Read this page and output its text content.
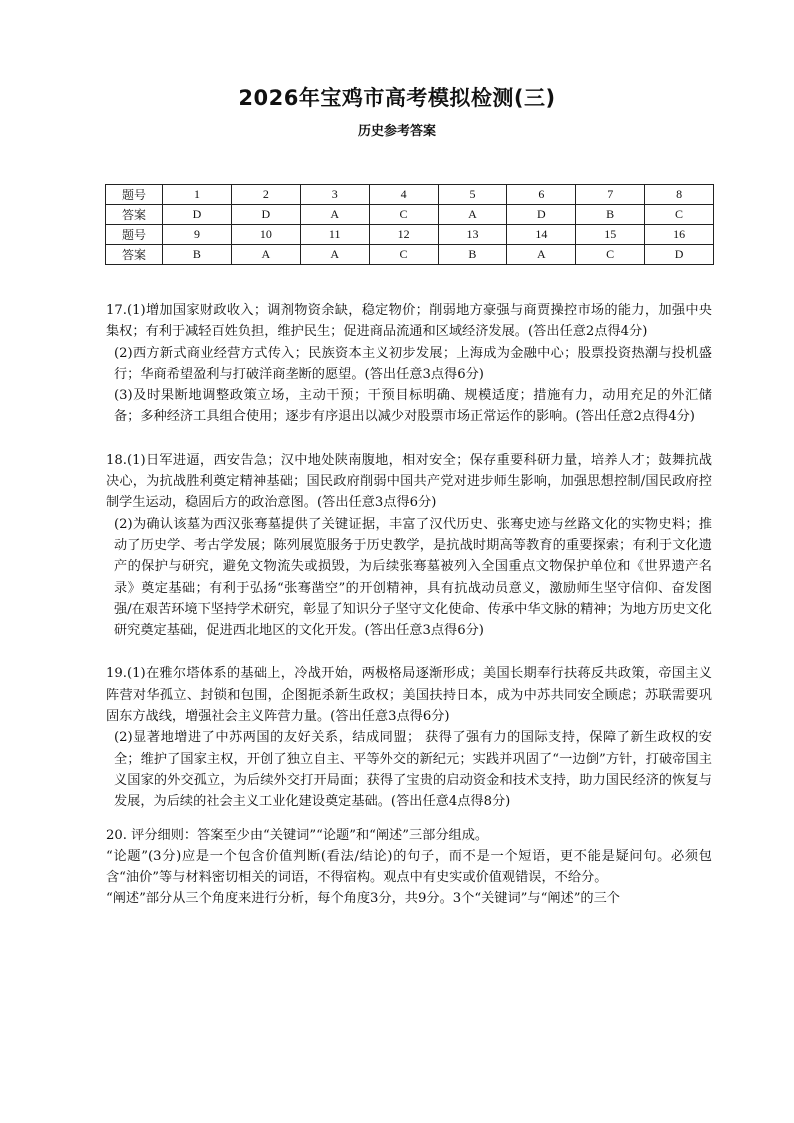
2026年宝鸡市高考模拟检测(三)
历史参考答案
题号	1	2	3	4	5	6	7	8
答案	D	D	A	C	A	D	B	C
题号	9	10	11	12	13	14	15	16
答案	B	A	A	C	B	A	C	D

17.(1)增加国家财政收入；调剂物资余缺，稳定物价；削弱地方豪强与商贾操控市场的能力，加强中央集权；有利于减轻百姓负担，维护民生；促进商品流通和区域经济发展。(答出任意2点得4分)

(2)西方新式商业经营方式传入；民族资本主义初步发展；上海成为金融中心；股票投资热潮与投机盛行；华商希望盈利与打破洋商垄断的愿望。(答出任意3点得6分)

(3)及时果断地调整政策立场，主动干预；干预目标明确、规模适度；措施有力，动用充足的外汇储备；多种经济工具组合使用；逐步有序退出以减少对股票市场正常运作的影响。(答出任意2点得4分)

18.(1)日军进逼，西安告急；汉中地处陕南腹地，相对安全；保存重要科研力量，培养人才；鼓舞抗战决心，为抗战胜利奠定精神基础；国民政府削弱中国共产党对进步师生影响，加强思想控制/国民政府控制学生运动，稳固后方的政治意图。(答出任意3点得6分)

(2)为确认该墓为西汉张骞墓提供了关键证据，丰富了汉代历史、张骞史迹与丝路文化的实物史料；推动了历史学、考古学发展；陈列展览服务于历史教学，是抗战时期高等教育的重要探索；有利于文化遗产的保护与研究，避免文物流失或损毁，为后续张骞墓被列入全国重点文物保护单位和《世界遗产名录》奠定基础；有利于弘扬“张骞凿空”的开创精神，具有抗战动员意义，激励师生坚守信仰、奋发图强/在艰苦环境下坚持学术研究，彰显了知识分子坚守文化使命、传承中华文脉的精神；为地方历史文化研究奠定基础，促进西北地区的文化开发。(答出任意3点得6分)

19.(1)在雅尔塔体系的基础上，冷战开始，两极格局逐渐形成；美国长期奉行扶蒋反共政策，帝国主义阵营对华孤立、封锁和包围，企图扼杀新生政权；美国扶持日本，成为中苏共同安全顾虑；苏联需要巩固东方战线，增强社会主义阵营力量。(答出任意3点得6分)

(2)显著地增进了中苏两国的友好关系，结成同盟； 获得了强有力的国际支持，保障了新生政权的安全；维护了国家主权，开创了独立自主、平等外交的新纪元；实践并巩固了“一边倒”方针，打破帝国主义国家的外交孤立，为后续外交打开局面；获得了宝贵的启动资金和技术支持，助力国民经济的恢复与发展，为后续的社会主义工业化建设奠定基础。(答出任意4点得8分)

20. 评分细则：答案至少由“关键词”“论题”和“阐述”三部分组成。

“论题”(3分)应是一个包含价值判断(看法/结论)的句子，而不是一个短语，更不能是疑问句。必须包含“油价”等与材料密切相关的词语，不得宿构。观点中有史实或价值观错误，不给分。

“阐述”部分从三个角度来进行分析，每个角度3分，共9分。3个“关键词”与“阐述”的三个
